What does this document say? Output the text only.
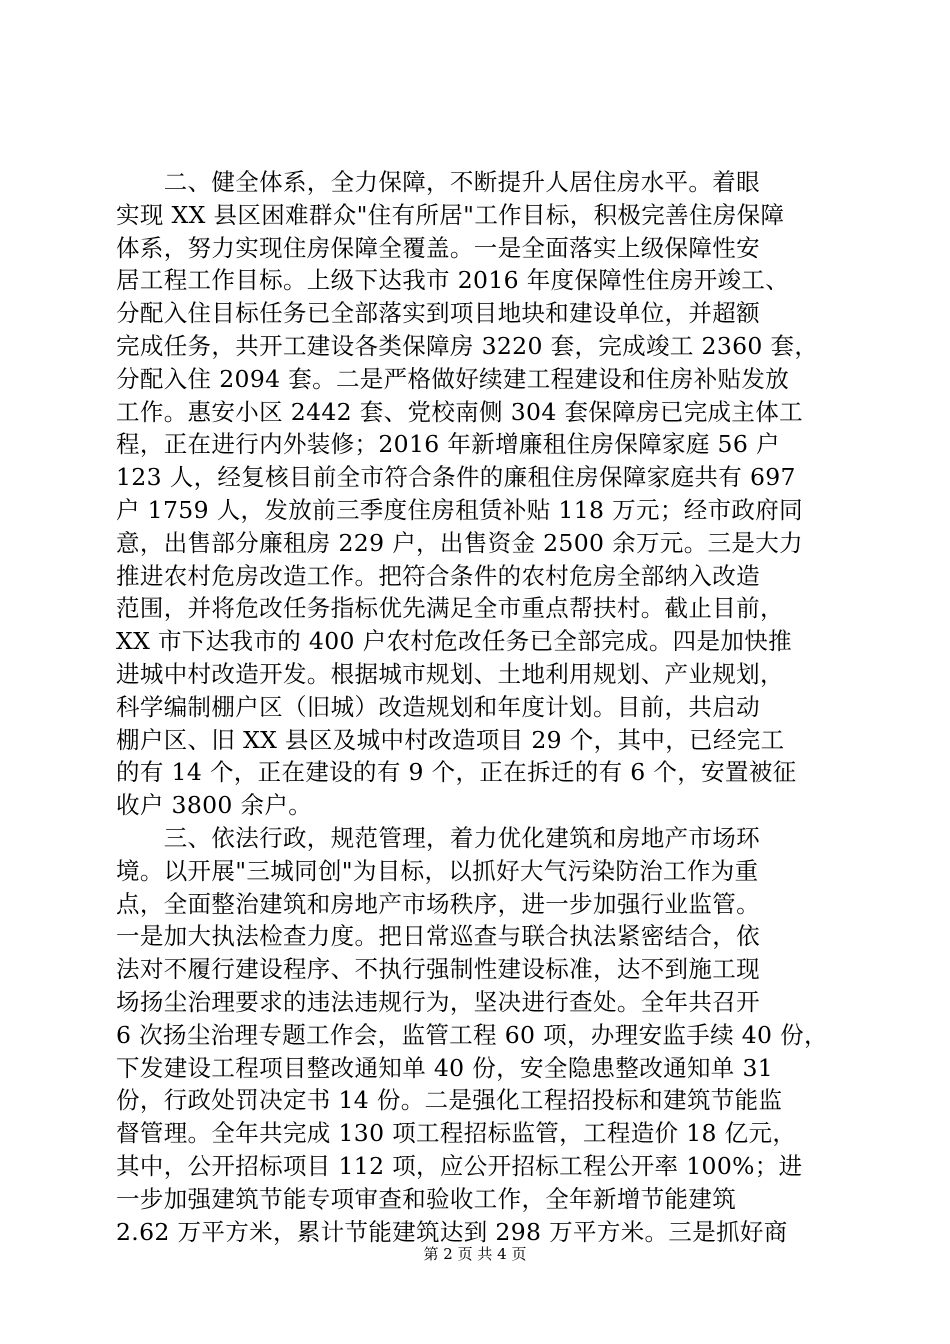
　　二、健全体系，全力保障，不断提升人居住房水平。着眼
实现 XX 县区困难群众"住有所居"工作目标，积极完善住房保障
体系，努力实现住房保障全覆盖。一是全面落实上级保障性安
居工程工作目标。上级下达我市 2016 年度保障性住房开竣工、
分配入住目标任务已全部落实到项目地块和建设单位，并超额
完成任务，共开工建设各类保障房 3220 套，完成竣工 2360 套，
分配入住 2094 套。二是严格做好续建工程建设和住房补贴发放
工作。惠安小区 2442 套、党校南侧 304 套保障房已完成主体工
程，正在进行内外装修；2016 年新增廉租住房保障家庭 56 户
123 人，经复核目前全市符合条件的廉租住房保障家庭共有 697
户 1759 人，发放前三季度住房租赁补贴 118 万元；经市政府同
意，出售部分廉租房 229 户，出售资金 2500 余万元。三是大力
推进农村危房改造工作。把符合条件的农村危房全部纳入改造
范围，并将危改任务指标优先满足全市重点帮扶村。截止目前，
XX 市下达我市的 400 户农村危改任务已全部完成。四是加快推
进城中村改造开发。根据城市规划、土地利用规划、产业规划，
科学编制棚户区（旧城）改造规划和年度计划。目前，共启动
棚户区、旧 XX 县区及城中村改造项目 29 个，其中，已经完工
的有 14 个，正在建设的有 9 个，正在拆迁的有 6 个，安置被征
收户 3800 余户。
　　三、依法行政，规范管理，着力优化建筑和房地产市场环
境。以开展"三城同创"为目标，以抓好大气污染防治工作为重
点，全面整治建筑和房地产市场秩序，进一步加强行业监管。
一是加大执法检查力度。把日常巡查与联合执法紧密结合，依
法对不履行建设程序、不执行强制性建设标准，达不到施工现
场扬尘治理要求的违法违规行为，坚决进行查处。全年共召开
6 次扬尘治理专题工作会，监管工程 60 项，办理安监手续 40 份，
下发建设工程项目整改通知单 40 份，安全隐患整改通知单 31
份，行政处罚决定书 14 份。二是强化工程招投标和建筑节能监
督管理。全年共完成 130 项工程招标监管，工程造价 18 亿元，
其中，公开招标项目 112 项，应公开招标工程公开率 100%；进
一步加强建筑节能专项审查和验收工作，全年新增节能建筑
2.62 万平方米，累计节能建筑达到 298 万平方米。三是抓好商
第 2 页 共 4 页
